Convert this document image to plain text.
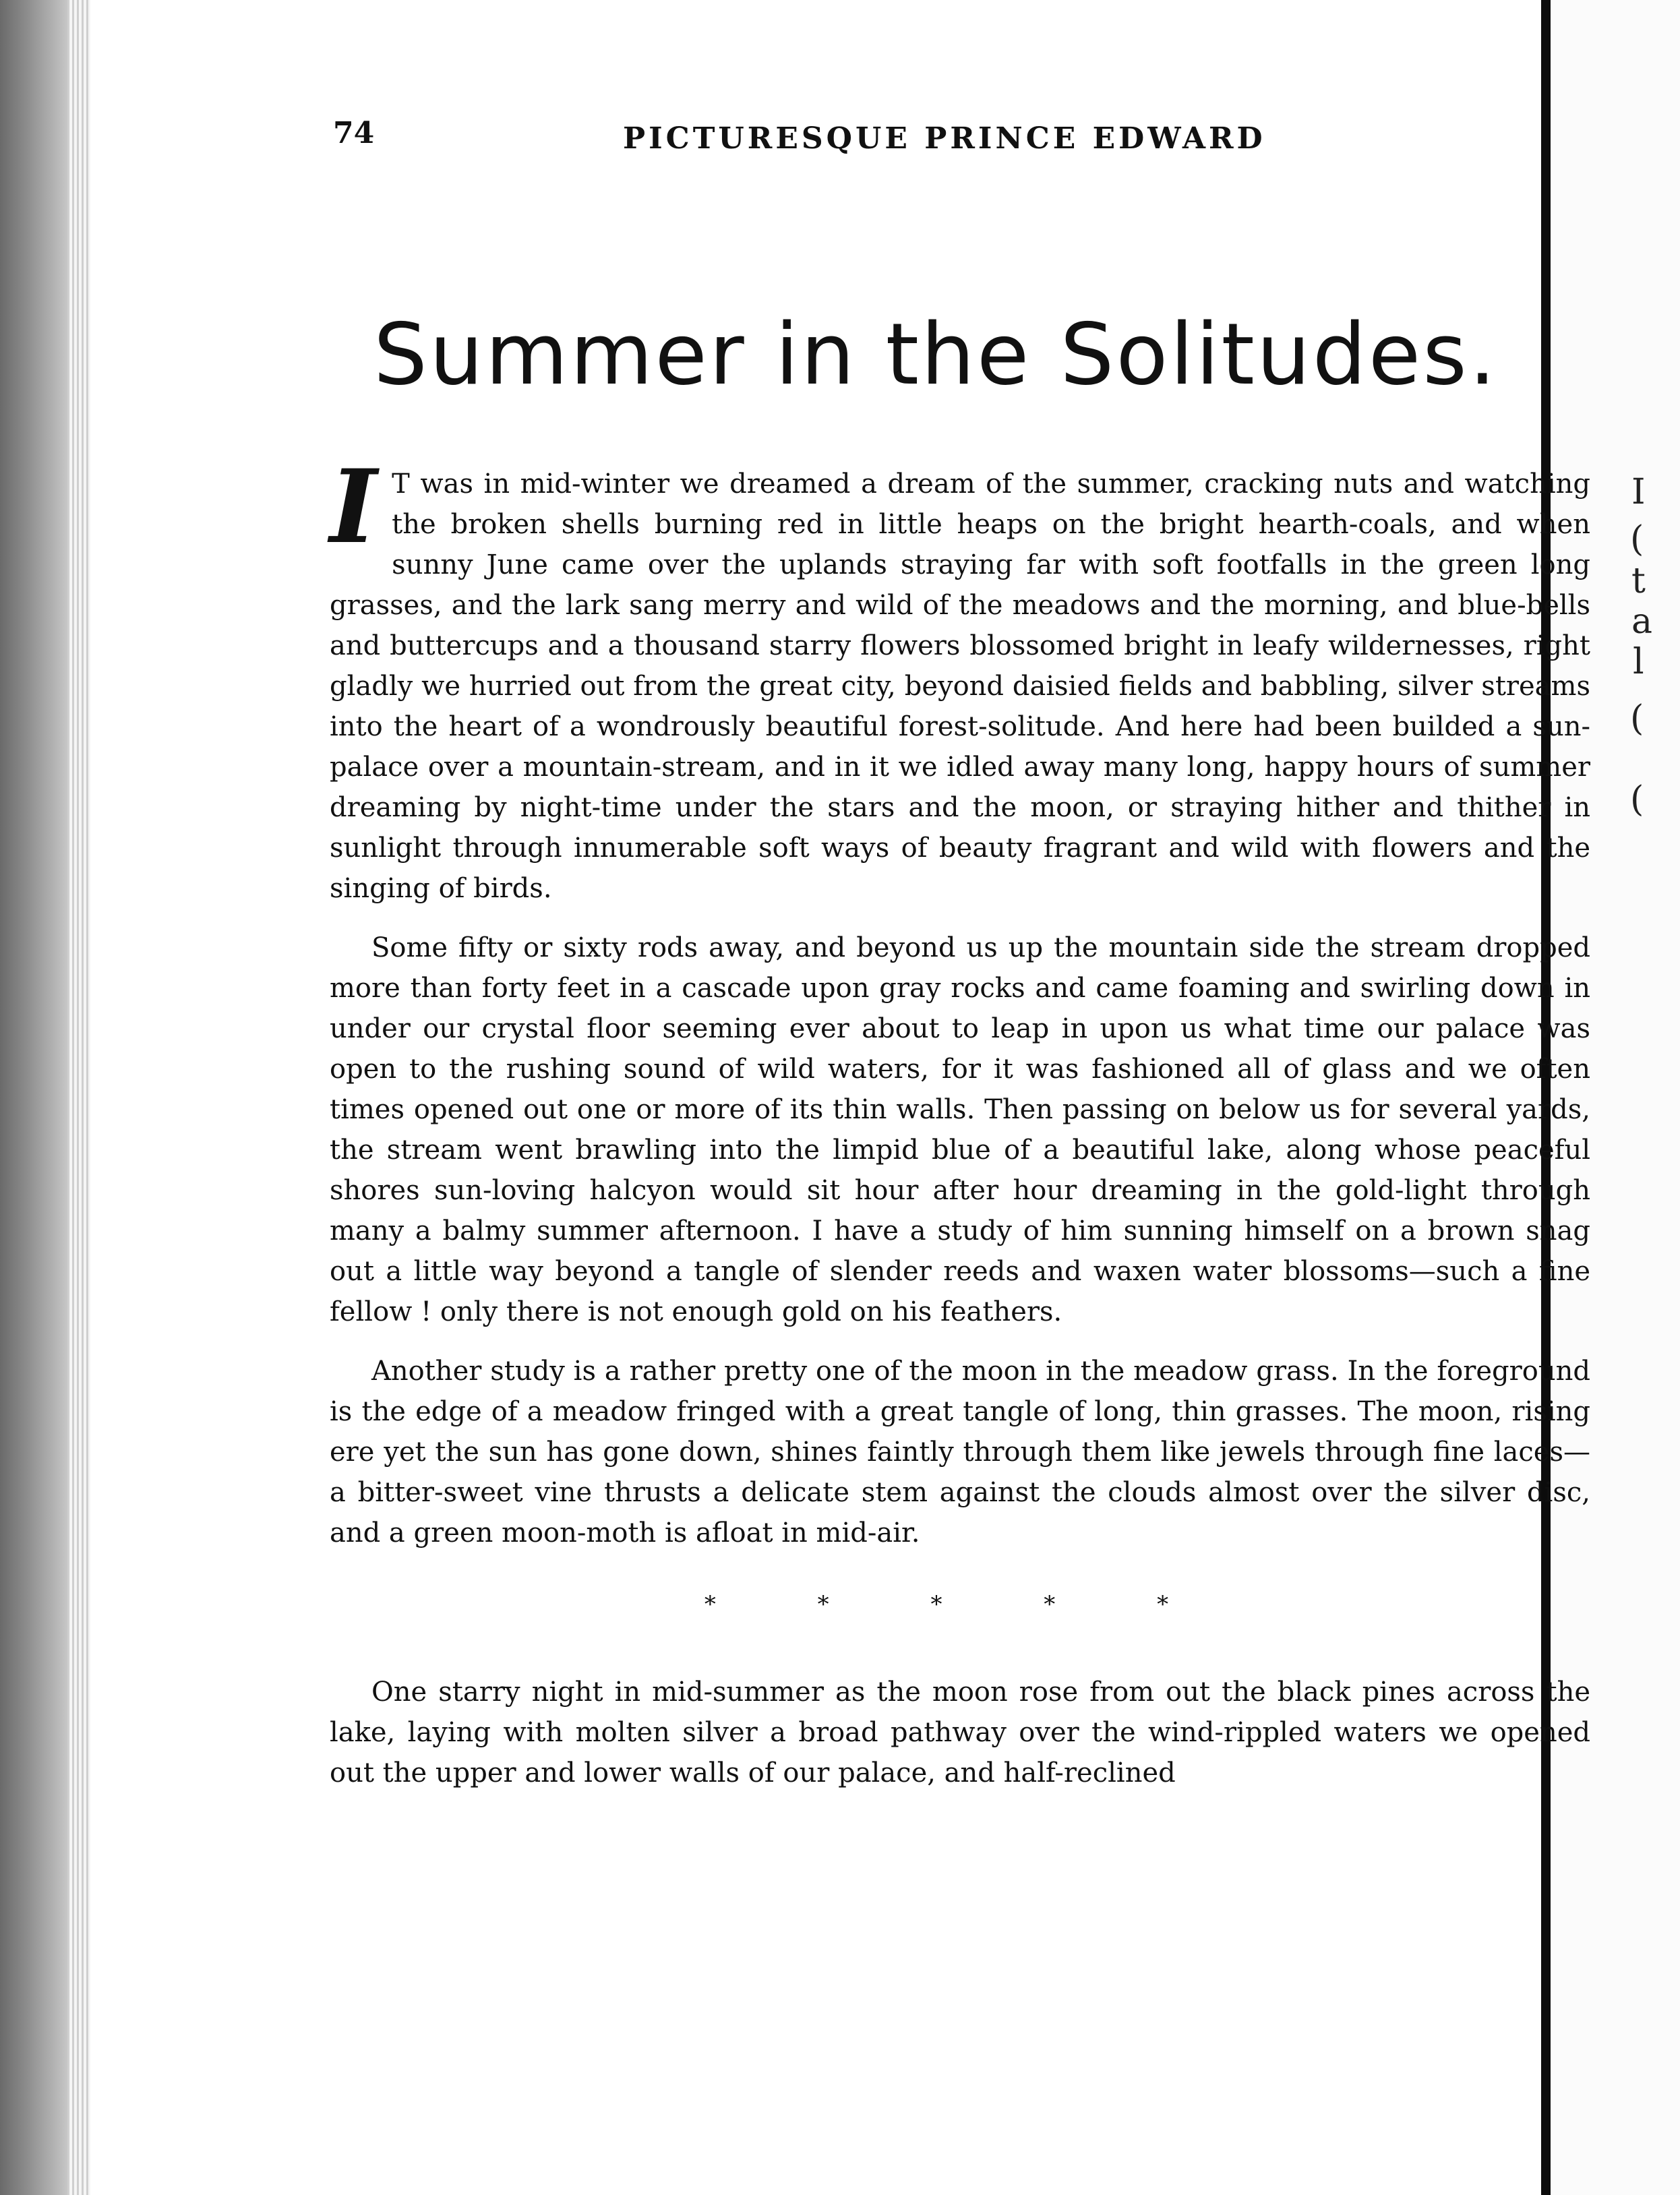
I
(
t
a
l
(
(
74	PICTURESQUE PRINCE EDWARD
Summer in the Solitudes.

I T was in mid-winter we dreamed a dream of the summer, cracking nuts and watching the broken shells burning red in little heaps on the bright hearth-coals, and when sunny June came over the uplands straying far with soft footfalls in the green long grasses, and the lark sang merry and wild of the meadows and the morning, and blue-bells and buttercups and a thousand starry flowers blossomed bright in leafy wildernesses, right gladly we hurried out from the great city, beyond daisied fields and babbling, silver streams into the heart of a wondrously beautiful forest-solitude. And here had been builded a sun-palace over a mountain-stream, and in it we idled away many long, happy hours of summer dreaming by night-time under the stars and the moon, or straying hither and thither in sunlight through innumerable soft ways of beauty fragrant and wild with flowers and the singing of birds.

Some fifty or sixty rods away, and beyond us up the mountain side the stream dropped more than forty feet in a cascade upon gray rocks and came foaming and swirling down in under our crystal floor seeming ever about to leap in upon us what time our palace was open to the rushing sound of wild waters, for it was fashioned all of glass and we often times opened out one or more of its thin walls. Then passing on below us for several yards, the stream went brawling into the limpid blue of a beautiful lake, along whose peaceful shores sun-loving halcyon would sit hour after hour dreaming in the gold-light through many a balmy summer afternoon. I have a study of him sunning himself on a brown snag out a little way beyond a tangle of slender reeds and waxen water blossoms—such a fine fellow ! only there is not enough gold on his feathers.

Another study is a rather pretty one of the moon in the meadow grass. In the foreground is the edge of a meadow fringed with a great tangle of long, thin grasses. The moon, rising ere yet the sun has gone down, shines faintly through them like jewels through fine laces—a bitter-sweet vine thrusts a delicate stem against the clouds almost over the silver disc, and a green moon-moth is afloat in mid-air.

* * * * *

One starry night in mid-summer as the moon rose from out the black pines across the lake, laying with molten silver a broad pathway over the wind-rippled waters we opened out the upper and lower walls of our palace, and half-reclined
